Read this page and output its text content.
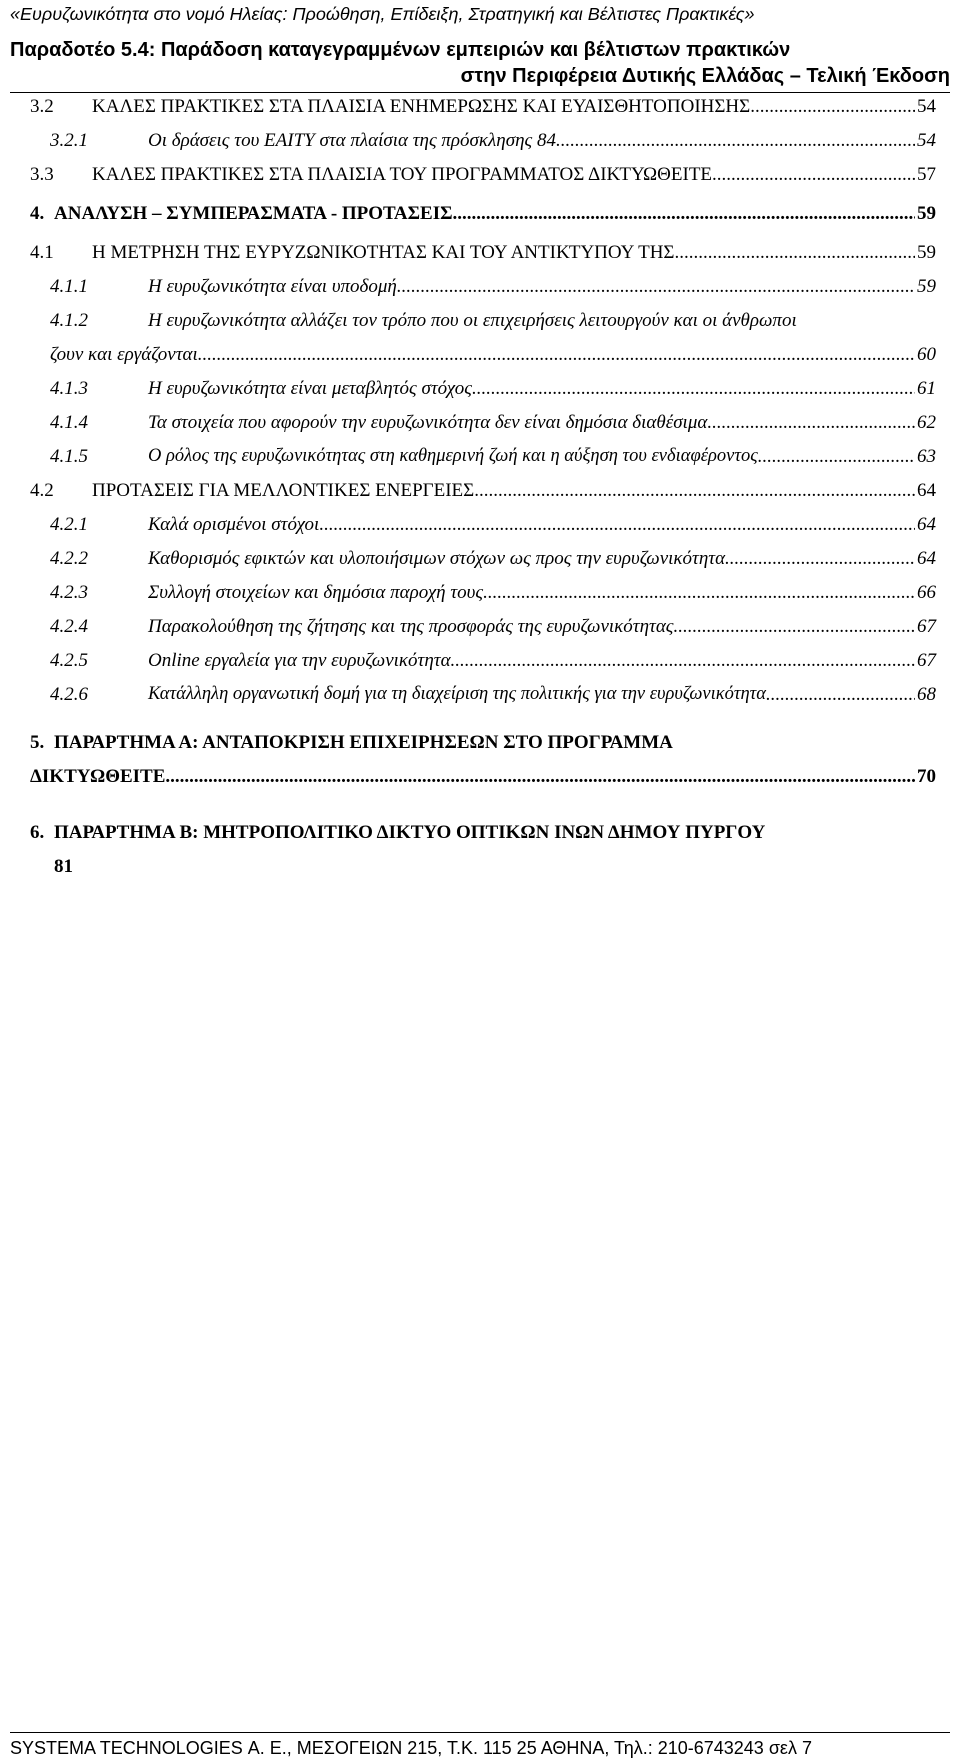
«Ευρυζωνικότητα στο νομό Ηλείας: Προώθηση, Επίδειξη, Στρατηγική και Βέλτιστες Πρακτικές»
Παραδοτέο 5.4: Παράδοση καταγεγραμμένων εμπειριών και βέλτιστων πρακτικών
στην Περιφέρεια Δυτικής Ελλάδας – Τελική Έκδοση
3.2 ΚΑΛΕΣ ΠΡΑΚΤΙΚΕΣ ΣΤΑ ΠΛΑΙΣΙΑ ΕΝΗΜΕΡΩΣΗΣ ΚΑΙ ΕΥΑΙΣΘΗΤΟΠΟΙΗΣΗΣ .....	54
3.2.1	Οι δράσεις του ΕΑΙΤΥ στα πλαίσια της πρόσκλησης 84 .....	54
3.3 ΚΑΛΕΣ ΠΡΑΚΤΙΚΕΣ ΣΤΑ ΠΛΑΙΣΙΑ ΤΟΥ ΠΡΟΓΡΑΜΜΑΤΟΣ ΔΙΚΤΥΩΘΕΙΤΕ .....	57
4. ΑΝΑΛΥΣΗ – ΣΥΜΠΕΡΑΣΜΑΤΑ - ΠΡΟΤΑΣΕΙΣ .....	59
4.1 Η ΜΕΤΡΗΣΗ ΤΗΣ ΕΥΡΥΖΩΝΙΚΟΤΗΤΑΣ ΚΑΙ ΤΟΥ ΑΝΤΙΚΤΥΠΟΥ ΤΗΣ .....	59
4.1.1	Η ευρυζωνικότητα είναι υποδομή .....	59
4.1.2	Η ευρυζωνικότητα αλλάζει τον τρόπο που οι επιχειρήσεις λειτουργούν και οι άνθρωποι
ζουν και εργάζονται .....	60
4.1.3	Η ευρυζωνικότητα είναι μεταβλητός στόχος .....	61
4.1.4	Τα στοιχεία που αφορούν την ευρυζωνικότητα δεν είναι δημόσια διαθέσιμα .....	62
4.1.5	Ο ρόλος της ευρυζωνικότητας στη καθημερινή ζωή και η αύξηση του ενδιαφέροντος .....	63
4.2 ΠΡΟΤΑΣΕΙΣ ΓΙΑ ΜΕΛΛΟΝΤΙΚΕΣ ΕΝΕΡΓΕΙΕΣ .....	64
4.2.1	Καλά ορισμένοι στόχοι .....	64
4.2.2	Καθορισμός εφικτών και υλοποιήσιμων στόχων ως προς την ευρυζωνικότητα .....	64
4.2.3	Συλλογή στοιχείων και δημόσια παροχή τους .....	66
4.2.4	Παρακολούθηση της ζήτησης και της προσφοράς της ευρυζωνικότητας .....	67
4.2.5	Online εργαλεία για την ευρυζωνικότητα .....	67
4.2.6	Κατάλληλη οργανωτική δομή για τη διαχείριση της πολιτικής για την ευρυζωνικότητα .....	68
5. ΠΑΡΑΡΤΗΜΑ Α: ΑΝΤΑΠΟΚΡΙΣΗ ΕΠΙΧΕΙΡΗΣΕΩΝ ΣΤΟ ΠΡΟΓΡΑΜΜΑ
ΔΙΚΤΥΩΘΕΙΤΕ .....	70
6. ΠΑΡΑΡΤΗΜΑ Β: ΜΗΤΡΟΠΟΛΙΤΙΚΟ ΔΙΚΤΥΟ ΟΠΤΙΚΩΝ ΙΝΩΝ ΔΗΜΟΥ ΠΥΡΓΟΥ
81
SYSTEMA TECHNOLOGIES Α. Ε., ΜΕΣΟΓΕΙΩΝ 215, Τ.Κ. 115 25 ΑΘΗΝΑ, Τηλ.: 210-6743243 σελ 7
